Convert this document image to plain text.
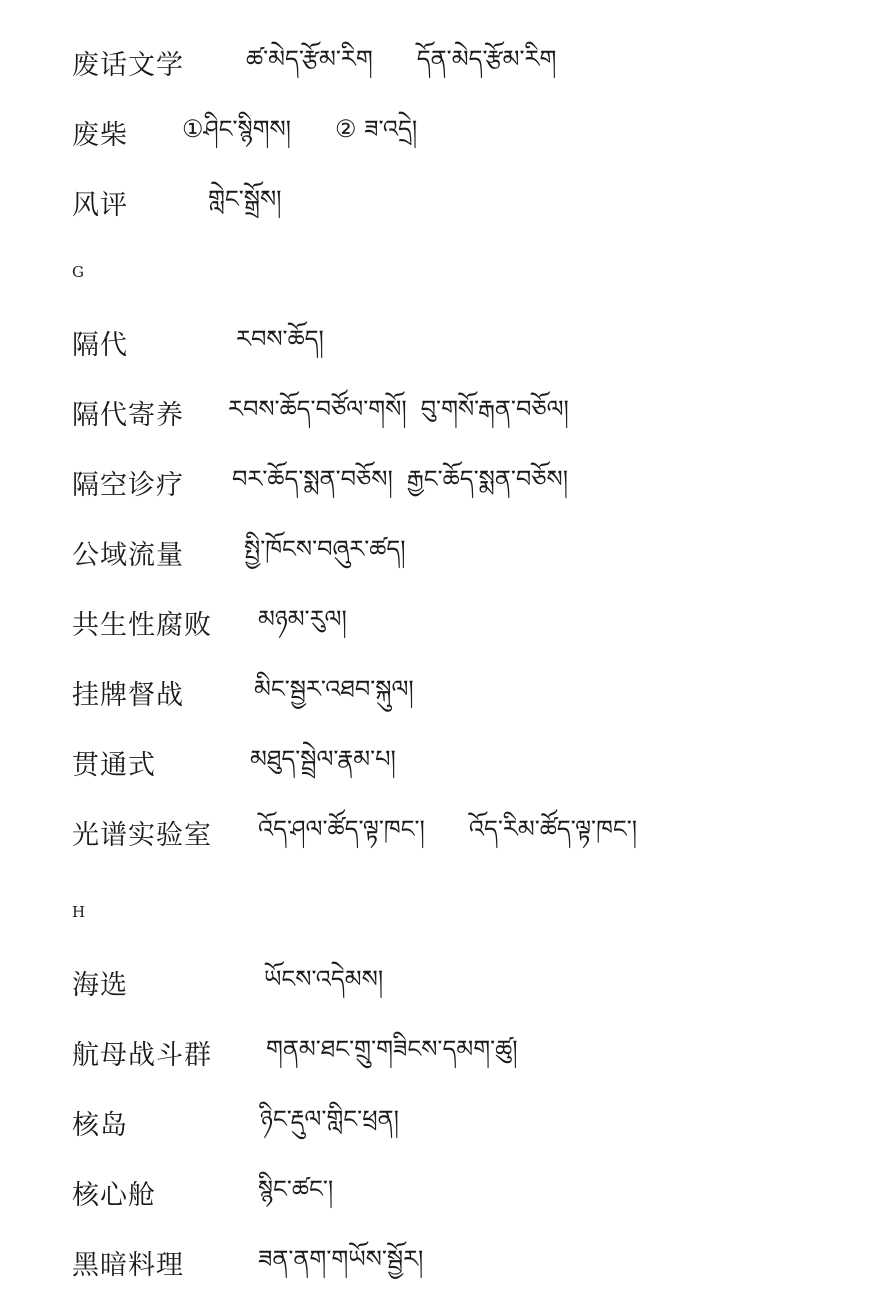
废话文学	ཚ་མེད་རྩོམ་རིག དོན་མེད་རྩོམ་རིག
废柴 ①ཤིང་སྙིགས། ② ཟ་འདྲེ།
风评	གླེང་སྒྲོས།
G
隔代	རབས་ཆོད།
隔代寄养 རབས་ཆོད་བཙོལ་གསོ། བུ་གསོ་རྒན་བཅོལ།
隔空诊疗 བར་ཆོད་སྨན་བཅོས། རྒྱང་ཆོད་སྨན་བཅོས།
公域流量	སྤྱི་ཁོངས་བཞུར་ཚད།
共生性腐败 མཉམ་རུལ།
挂牌督战	མིང་སྦྱར་འཐབ་སྐུལ།
贯通式	མཐུད་སྦྲེལ་རྣམ་པ།
光谱实验室 འོད་ཤལ་ཚོད་ལྟ་ཁང་། འོད་རིམ་ཚོད་ལྟ་ཁང་།
H
海选	ཡོངས་འདེམས།
航母战斗群 གནམ་ཐང་གྲུ་གཟིངས་དམག་ཚུ།
核岛	ཉིང་རྡུལ་གླིང་ཕྲན།
核心舱	སྙིང་ཚང་།
黑暗料理	ཟན་ནག་གཡོས་སྦྱོར།
